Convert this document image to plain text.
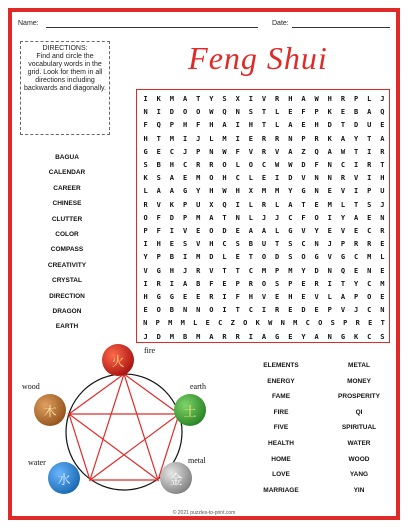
Name:	Date:
DIRECTIONS:
Find and circle the vocabulary words in the grid. Look for them in all directions including backwards and diagonally.
Feng Shui
I	K	M	A	T	Y	S	X	I	V	R	H	A	W	H	R	P	L	J
N	I	D	O	O	W	Q	N	S	T	L	E	F	P	K	E	B	A	Q
F	Q	P	H	F	H	A	I	H	T	L	A	E	H	D	T	D	U	E
H	T	M	I	J	L	M	I	E	R	R	N	P	R	K	A	Y	T	A
G	E	C	J	P	N	W	F	V	R	V	A	Z	Q	A	W	T	I	R
S	B	H	C	R	R	O	L	O	C	W	W	D	F	N	C	I	R	T
K	S	A	E	M	O	H	C	L	E	I	D	V	N	N	R	V	I	H
L	A	A	G	Y	H	W	H	X	M	M	Y	G	N	E	V	I	P	U
R	V	K	P	U	X	Q	I	L	R	L	A	T	E	M	L	T	S	J
O	F	D	P	M	A	T	N	L	J	J	C	F	O	I	Y	A	E	N
P	F	I	V	E	O	D	E	A	A	L	G	V	Y	E	V	E	C	R
I	H	E	S	V	H	C	S	B	U	T	S	C	N	J	P	R	R	E
Y	P	B	I	M	D	L	E	T	O	D	S	O	G	V	G	C	M	L
V	G	H	J	R	V	T	T	C	M	P	M	Y	D	N	Q	E	N	E
I	R	I	A	B	F	E	P	R	O	S	P	E	R	I	T	Y	C	M
H	G	G	E	E	R	I	F	H	V	E	H	E	V	L	A	P	O	E
E	O	B	N	N	O	I	T	C	I	R	E	D	E	P	V	J	C	N
N	P	M	M	L	E	C	Z	O	K	W	N	M	C	O	S	P	R	E	T
J	D	M	B	M	A	R	R	I	A	G	E	Y	A	N	G	K	C	S
BAGUA
CALENDAR
CAREER
CHINESE
CLUTTER
COLOR
COMPASS
CREATIVITY
CRYSTAL
DIRECTION
DRAGON
EARTH
ELEMENTS
ENERGY
FAME
FIRE
FIVE
HEALTH
HOME
LOVE
MARRIAGE
METAL
MONEY
PROSPERITY
QI
SPIRITUAL
WATER
WOOD
YANG
YIN
火
fire
木
wood
土
earth
水
water
金
metal
© 2021 puzzles-to-print.com
